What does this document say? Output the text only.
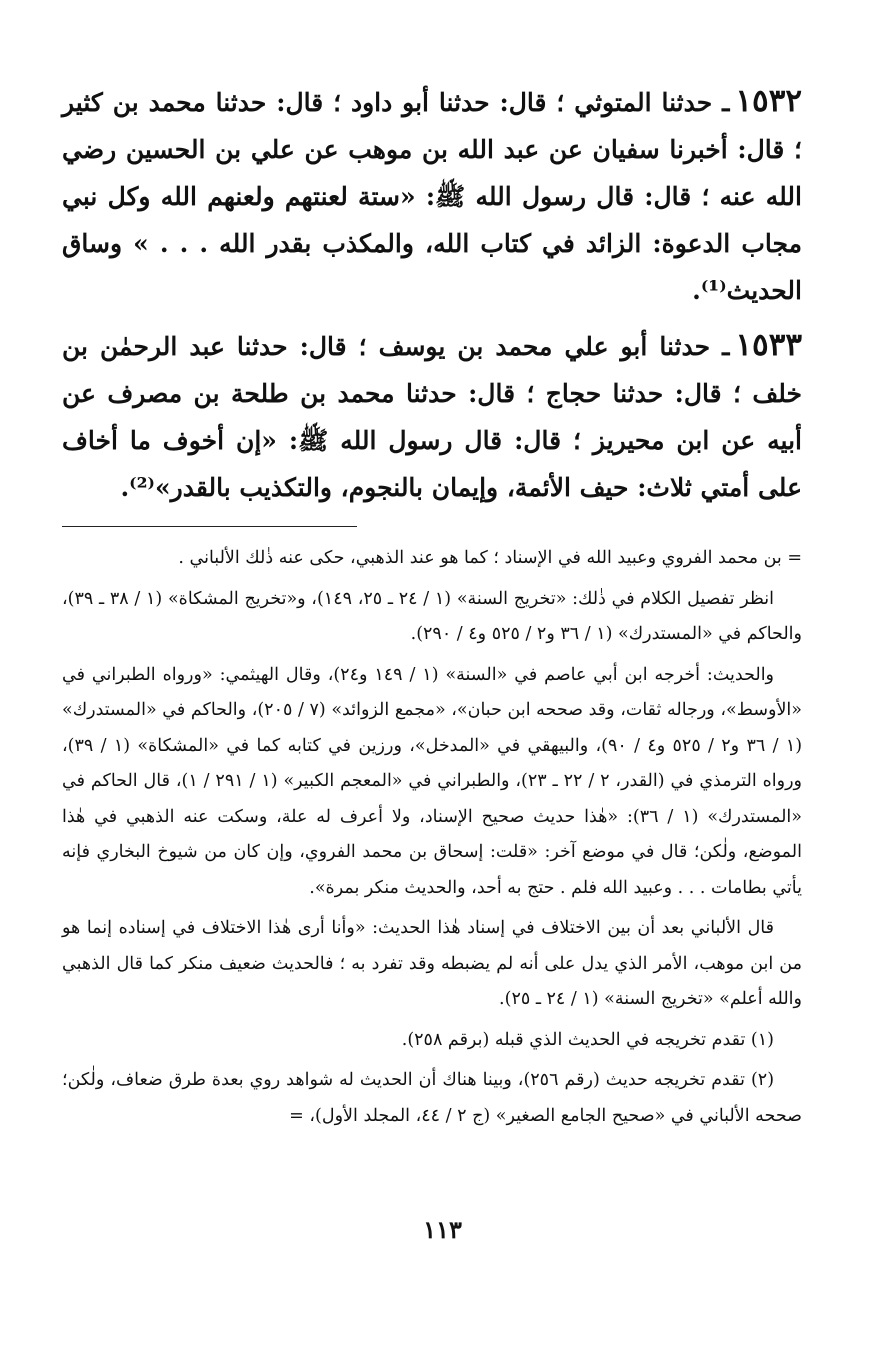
١٥٣٢ـ حدثنا المتوثي ؛ قال: حدثنا أبو داود ؛ قال: حدثنا محمد بن كثير ؛ قال: أخبرنا سفيان عن عبد الله بن موهب عن علي بن الحسين رضي الله عنه ؛ قال: قال رسول الله ﷺ: «ستة لعنتهم ولعنهم الله وكل نبي مجاب الدعوة: الزائد في كتاب الله، والمكذب بقدر الله . . . » وساق الحديث⁽¹⁾.

١٥٣٣ـ حدثنا أبو علي محمد بن يوسف ؛ قال: حدثنا عبد الرحمٰن بن خلف ؛ قال: حدثنا حجاج ؛ قال: حدثنا محمد بن طلحة بن مصرف عن أبيه عن ابن محيريز ؛ قال: قال رسول الله ﷺ: «إن أخوف ما أخاف على أمتي ثلاث: حيف الأئمة، وإيمان بالنجوم، والتكذيب بالقدر»⁽²⁾.

= بن محمد الفروي وعبيد الله في الإسناد ؛ كما هو عند الذهبي، حكى عنه ذٰلك الألباني .

انظر تفصيل الكلام في ذٰلك: «تخريج السنة» (١ / ٢٤ ـ ٢٥، ١٤٩)، و«تخريج المشكاة» (١ / ٣٨ ـ ٣٩)، والحاكم في «المستدرك» (١ / ٣٦ و٢ / ٥٢٥ و٤ / ٢٩٠).

والحديث: أخرجه ابن أبي عاصم في «السنة» (١ / ١٤٩ و٢٤)، وقال الهيثمي: «ورواه الطبراني في «الأوسط»، ورجاله ثقات، وقد صححه ابن حبان»، «مجمع الزوائد» (٧ / ٢٠٥)، والحاكم في «المستدرك» (١ / ٣٦ و٢ / ٥٢٥ و٤ / ٩٠)، والبيهقي في «المدخل»، ورزين في كتابه كما في «المشكاة» (١ / ٣٩)، ورواه الترمذي في (القدر، ٢ / ٢٢ ـ ٢٣)، والطبراني في «المعجم الكبير» (١ / ٢٩١ / ١)، قال الحاكم في «المستدرك» (١ / ٣٦): «هٰذا حديث صحيح الإسناد، ولا أعرف له علة، وسكت عنه الذهبي في هٰذا الموضع، ولٰكن؛ قال في موضع آخر: «قلت: إسحاق بن محمد الفروي، وإن كان من شيوخ البخاري فإنه يأتي بطامات . . . وعبيد الله فلم . حتج به أحد، والحديث منكر بمرة».

قال الألباني بعد أن بين الاختلاف في إسناد هٰذا الحديث: «وأنا أرى هٰذا الاختلاف في إسناده إنما هو من ابن موهب، الأمر الذي يدل على أنه لم يضبطه وقد تفرد به ؛ فالحديث ضعيف منكر كما قال الذهبي والله أعلم» «تخريج السنة» (١ / ٢٤ ـ ٢٥).

(١) تقدم تخريجه في الحديث الذي قبله (برقم ٢٥٨).

(٢) تقدم تخريجه حديث (رقم ٢٥٦)، وبينا هناك أن الحديث له شواهد روي بعدة طرق ضعاف، ولٰكن؛ صححه الألباني في «صحيح الجامع الصغير» (ج ٢ / ٤٤، المجلد الأول)، =

١١٣
